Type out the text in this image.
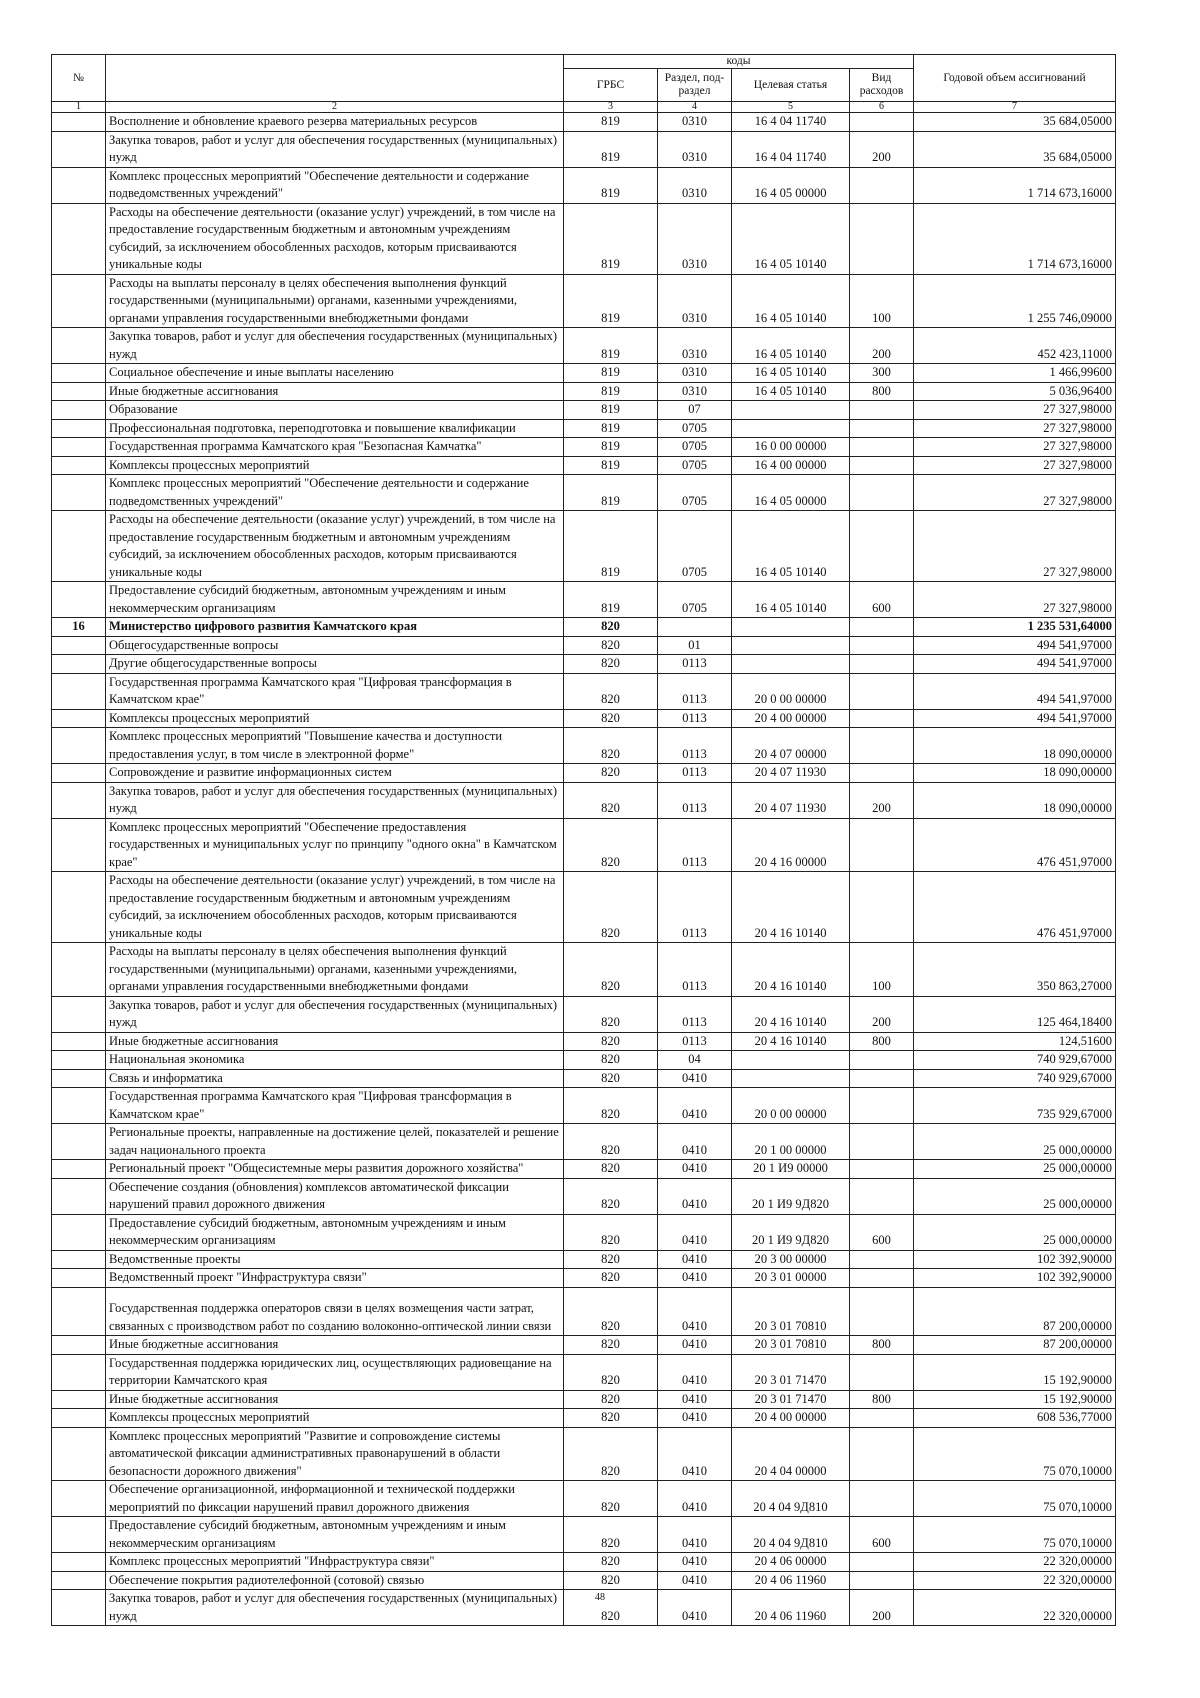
№		коды				Годовой объем ассигнований
		ГРБС	Раздел, под-раздел	Целевая статья	Вид расходов	
1	2	3	4	5	6	7
	Восполнение и обновление краевого резерва материальных ресурсов	819	0310	16 4 04 11740		35 684,05000
	Закупка товаров, работ и услуг для обеспечения государственных (муниципальных) нужд	819	0310	16 4 04 11740	200	35 684,05000
	Комплекс процессных мероприятий "Обеспечение деятельности и содержание подведомственных учреждений"	819	0310	16 4 05 00000		1 714 673,16000
	Расходы на обеспечение деятельности (оказание услуг) учреждений, в том числе на предоставление государственным бюджетным и автономным учреждениям субсидий, за исключением обособленных расходов, которым присваиваются уникальные коды	819	0310	16 4 05 10140		1 714 673,16000
	Расходы на выплаты персоналу в целях обеспечения выполнения функций государственными (муниципальными) органами, казенными учреждениями, органами управления государственными внебюджетными фондами	819	0310	16 4 05 10140	100	1 255 746,09000
	Закупка товаров, работ и услуг для обеспечения государственных (муниципальных) нужд	819	0310	16 4 05 10140	200	452 423,11000
	Социальное обеспечение и иные выплаты населению	819	0310	16 4 05 10140	300	1 466,99600
	Иные бюджетные ассигнования	819	0310	16 4 05 10140	800	5 036,96400
	Образование	819	07			27 327,98000
	Профессиональная подготовка, переподготовка и повышение квалификации	819	0705			27 327,98000
	Государственная программа Камчатского края "Безопасная Камчатка"	819	0705	16 0 00 00000		27 327,98000
	Комплексы процессных мероприятий	819	0705	16 4 00 00000		27 327,98000
	Комплекс процессных мероприятий "Обеспечение деятельности и содержание подведомственных учреждений"	819	0705	16 4 05 00000		27 327,98000
	Расходы на обеспечение деятельности (оказание услуг) учреждений, в том числе на предоставление государственным бюджетным и автономным учреждениям субсидий, за исключением обособленных расходов, которым присваиваются уникальные коды	819	0705	16 4 05 10140		27 327,98000
	Предоставление субсидий бюджетным, автономным учреждениям и иным некоммерческим организациям	819	0705	16 4 05 10140	600	27 327,98000
16	Министерство цифрового развития Камчатского края	820				1 235 531,64000
	Общегосударственные вопросы	820	01			494 541,97000
	Другие общегосударственные вопросы	820	0113			494 541,97000
	Государственная программа Камчатского края "Цифровая трансформация в Камчатском крае"	820	0113	20 0 00 00000		494 541,97000
	Комплексы процессных мероприятий	820	0113	20 4 00 00000		494 541,97000
	Комплекс процессных мероприятий "Повышение качества и доступности предоставления услуг, в том числе в электронной форме"	820	0113	20 4 07 00000		18 090,00000
	Сопровождение и развитие информационных систем	820	0113	20 4 07 11930		18 090,00000
	Закупка товаров, работ и услуг для обеспечения государственных (муниципальных) нужд	820	0113	20 4 07 11930	200	18 090,00000
	Комплекс процессных мероприятий "Обеспечение предоставления государственных и муниципальных услуг по принципу "одного окна" в Камчатском крае"	820	0113	20 4 16 00000		476 451,97000
	Расходы на обеспечение деятельности (оказание услуг) учреждений, в том числе на предоставление государственным бюджетным и автономным учреждениям субсидий, за исключением обособленных расходов, которым присваиваются уникальные коды	820	0113	20 4 16 10140		476 451,97000
	Расходы на выплаты персоналу в целях обеспечения выполнения функций государственными (муниципальными) органами, казенными учреждениями, органами управления государственными внебюджетными фондами	820	0113	20 4 16 10140	100	350 863,27000
	Закупка товаров, работ и услуг для обеспечения государственных (муниципальных) нужд	820	0113	20 4 16 10140	200	125 464,18400
	Иные бюджетные ассигнования	820	0113	20 4 16 10140	800	124,51600
	Национальная экономика	820	04			740 929,67000
	Связь и информатика	820	0410			740 929,67000
	Государственная программа Камчатского края "Цифровая трансформация в Камчатском крае"	820	0410	20 0 00 00000		735 929,67000
	Региональные проекты, направленные на достижение целей, показателей и решение задач национального проекта	820	0410	20 1 00 00000		25 000,00000
	Региональный проект "Общесистемные меры развития дорожного хозяйства"	820	0410	20 1 И9 00000		25 000,00000
	Обеспечение создания (обновления) комплексов автоматической фиксации нарушений правил дорожного движения	820	0410	20 1 И9 9Д820		25 000,00000
	Предоставление субсидий бюджетным, автономным учреждениям и иным некоммерческим организациям	820	0410	20 1 И9 9Д820	600	25 000,00000
	Ведомственные проекты	820	0410	20 3 00 00000		102 392,90000
	Ведомственный проект "Инфраструктура связи"	820	0410	20 3 01 00000		102 392,90000
	Государственная поддержка операторов связи в целях возмещения части затрат, связанных с производством работ по созданию волоконно-оптической линии связи	820	0410	20 3 01 70810		87 200,00000
	Иные бюджетные ассигнования	820	0410	20 3 01 70810	800	87 200,00000
	Государственная поддержка юридических лиц, осуществляющих радиовещание на территории Камчатского края	820	0410	20 3 01 71470		15 192,90000
	Иные бюджетные ассигнования	820	0410	20 3 01 71470	800	15 192,90000
	Комплексы процессных мероприятий	820	0410	20 4 00 00000		608 536,77000
	Комплекс процессных мероприятий "Развитие и сопровождение системы автоматической фиксации административных правонарушений в области безопасности дорожного движения"	820	0410	20 4 04 00000		75 070,10000
	Обеспечение организационной, информационной и технической поддержки мероприятий по фиксации нарушений правил дорожного движения	820	0410	20 4 04 9Д810		75 070,10000
	Предоставление субсидий бюджетным, автономным учреждениям и иным некоммерческим организациям	820	0410	20 4 04 9Д810	600	75 070,10000
	Комплекс процессных мероприятий "Инфраструктура связи"	820	0410	20 4 06 00000		22 320,00000
	Обеспечение покрытия радиотелефонной (сотовой) связью	820	0410	20 4 06 11960		22 320,00000
	Закупка товаров, работ и услуг для обеспечения государственных (муниципальных) нужд	820	0410	20 4 06 11960	200	22 320,00000
48
